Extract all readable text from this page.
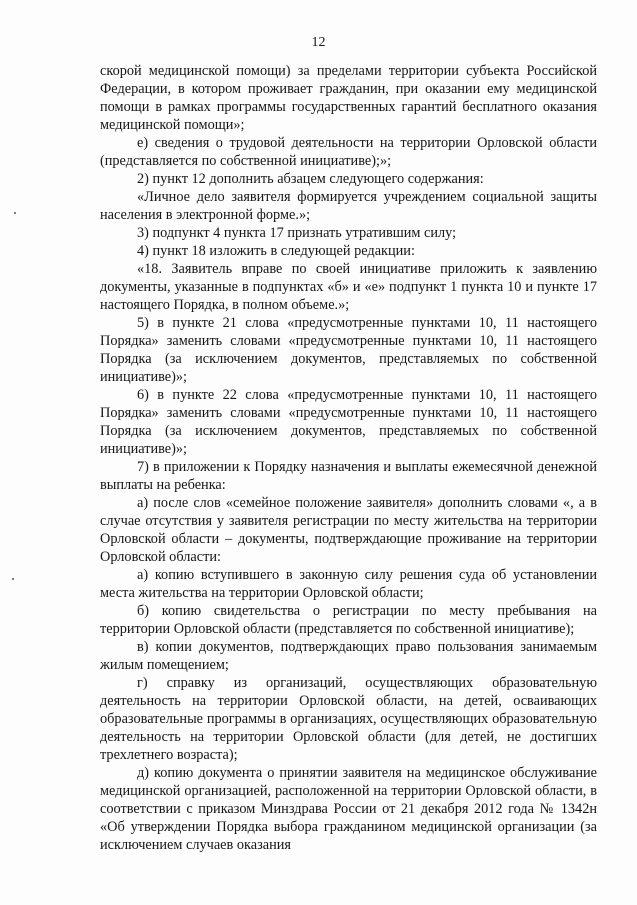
12

скорой медицинской помощи) за пределами территории субъекта Российской Федерации, в котором проживает гражданин, при оказании ему медицинской помощи в рамках программы государственных гарантий бесплатного оказания медицинской помощи»;

е) сведения о трудовой деятельности на территории Орловской области (представляется по собственной инициативе);»;

2) пункт 12 дополнить абзацем следующего содержания:

«Личное дело заявителя формируется учреждением социальной защиты населения в электронной форме.»;

3) подпункт 4 пункта 17 признать утратившим силу;

4) пункт 18 изложить в следующей редакции:

«18. Заявитель вправе по своей инициативе приложить к заявлению документы, указанные в подпунктах «б» и «е» подпункт 1 пункта 10 и пункте 17 настоящего Порядка, в полном объеме.»;

5) в пункте 21 слова «предусмотренные пунктами 10, 11 настоящего Порядка» заменить словами «предусмотренные пунктами 10, 11 настоящего Порядка (за исключением документов, представляемых по собственной инициативе)»;

6) в пункте 22 слова «предусмотренные пунктами 10, 11 настоящего Порядка» заменить словами «предусмотренные пунктами 10, 11 настоящего Порядка (за исключением документов, представляемых по собственной инициативе)»;

7) в приложении к Порядку назначения и выплаты ежемесячной денежной выплаты на ребенка:

а) после слов «семейное положение заявителя» дополнить словами «, а в случае отсутствия у заявителя регистрации по месту жительства на территории Орловской области – документы, подтверждающие проживание на территории Орловской области:

а) копию вступившего в законную силу решения суда об установлении места жительства на территории Орловской области;

б) копию свидетельства о регистрации по месту пребывания на территории Орловской области (представляется по собственной инициативе);

в) копии документов, подтверждающих право пользования занимаемым жилым помещением;

г) справку из организаций, осуществляющих образовательную деятельность на территории Орловской области, на детей, осваивающих образовательные программы в организациях, осуществляющих образовательную деятельность на территории Орловской области (для детей, не достигших трехлетнего возраста);

д) копию документа о принятии заявителя на медицинское обслуживание медицинской организацией, расположенной на территории Орловской области, в соответствии с приказом Минздрава России от 21 декабря 2012 года № 1342н «Об утверждении Порядка выбора гражданином медицинской организации (за исключением случаев оказания
